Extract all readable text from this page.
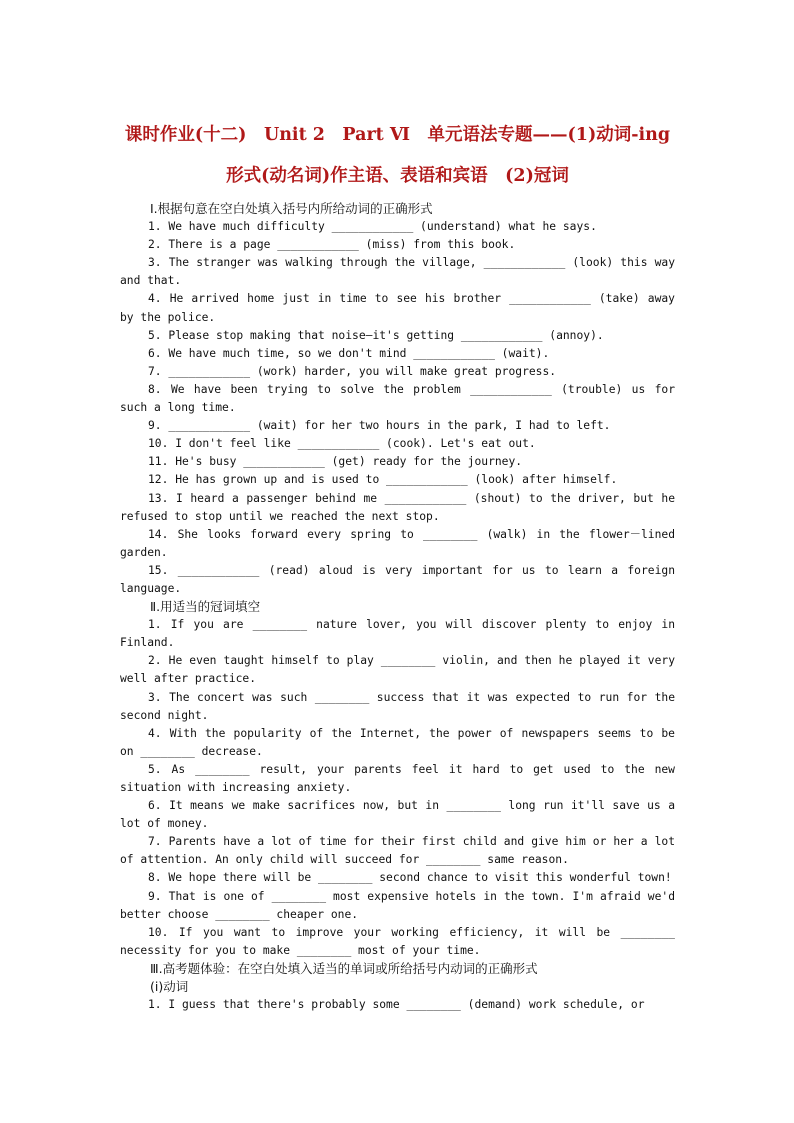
课时作业(十二)　Unit 2　Part Ⅵ　单元语法专题——(1)动词-ing
形式(动名词)作主语、表语和宾语　(2)冠词
Ⅰ.根据句意在空白处填入括号内所给动词的正确形式
1. We have much difficulty ____________ (understand) what he says.
2. There is a page ____________ (miss) from this book.
3. The stranger was walking through the village, ____________ (look) this way and that.
4. He arrived home just in time to see his brother ____________ (take) away by the police.
5. Please stop making that noise—it's getting ____________ (annoy).
6. We have much time, so we don't mind ____________ (wait).
7. ____________ (work) harder, you will make great progress.
8. We have been trying to solve the problem ____________ (trouble) us for such a long time.
9. ____________ (wait) for her two hours in the park, I had to left.
10. I don't feel like ____________ (cook). Let's eat out.
11. He's busy ____________ (get) ready for the journey.
12. He has grown up and is used to ____________ (look) after himself.
13. I heard a passenger behind me ____________ (shout) to the driver, but he refused to stop until we reached the next stop.
14. She looks forward every spring to ________ (walk) in the flower－lined garden.
15. ____________ (read) aloud is very important for us to learn a foreign language.
Ⅱ.用适当的冠词填空
1. If you are ________ nature lover, you will discover plenty to enjoy in Finland.
2. He even taught himself to play ________ violin, and then he played it very well after practice.
3. The concert was such ________ success that it was expected to run for the second night.
4. With the popularity of the Internet, the power of newspapers seems to be on ________ decrease.
5. As ________ result, your parents feel it hard to get used to the new situation with increasing anxiety.
6. It means we make sacrifices now, but in ________ long run it'll save us a lot of money.
7. Parents have a lot of time for their first child and give him or her a lot of attention. An only child will succeed for ________ same reason.
8. We hope there will be ________ second chance to visit this wonderful town!
9. That is one of ________ most expensive hotels in the town. I'm afraid we'd better choose ________ cheaper one.
10. If you want to improve your working efficiency, it will be ________ necessity for you to make ________ most of your time.
Ⅲ.高考题体验：在空白处填入适当的单词或所给括号内动词的正确形式
(ⅰ)动词
1. I guess that there's probably some ________ (demand) work schedule, or
